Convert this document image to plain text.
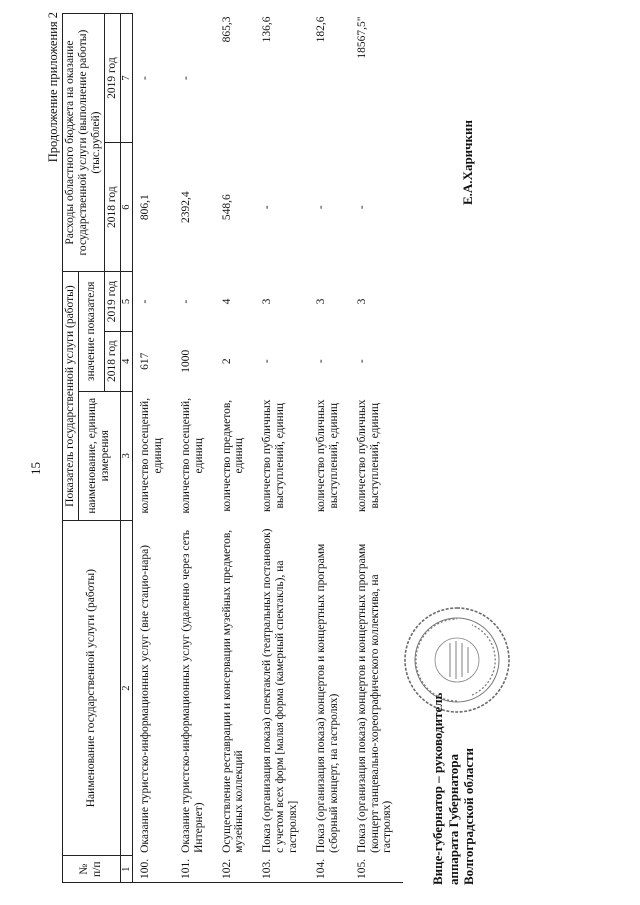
15
Продолжение приложения 2
№ п/п	Наименование государственной услуги (работы)	Показатель государственной услуги (работы)			Расходы областного бюджета на оказание государственной услуги (выполнение работы) (тыс.рублей)	
		наименование, единица измерения	значение показателя			
			2018 год	2019 год	2018 год	2019 год
1	2	3	4	5	6	7
100.	Оказание туристско-информационных услуг (вне стацио-нара)	количество посещений, единиц	617	-	806,1	-
101.	Оказание туристско-информационных услуг (удаленно через сеть Интернет)	количество посещений, единиц	1000	-	2392,4	-
102.	Осуществление реставрации и консервации музейных предметов, музейных коллекций	количество предметов, единиц	2	4	548,6	865,3
103.	Показ (организация показа) спектаклей (театральных постановок) с учетом всех форм [малая форма (камерный спектакль), на гастролях]	количество публичных выступлений, единиц	-	3	-	136,6
104.	Показ (организация показа) концертов и концертных программ (сборный концерт, на гастролях)	количество публичных выступлений, единиц	-	3	-	182,6
105.	Показ (организация показа) концертов и концертных программ (концерт танцевально-хореографического коллектива, на гастролях)	количество публичных выступлений, единиц	-	3	-	18567,5"
Вице-губернатор – руководитель аппарата Губернатора Волгоградской области
Е.А.Харичкин
